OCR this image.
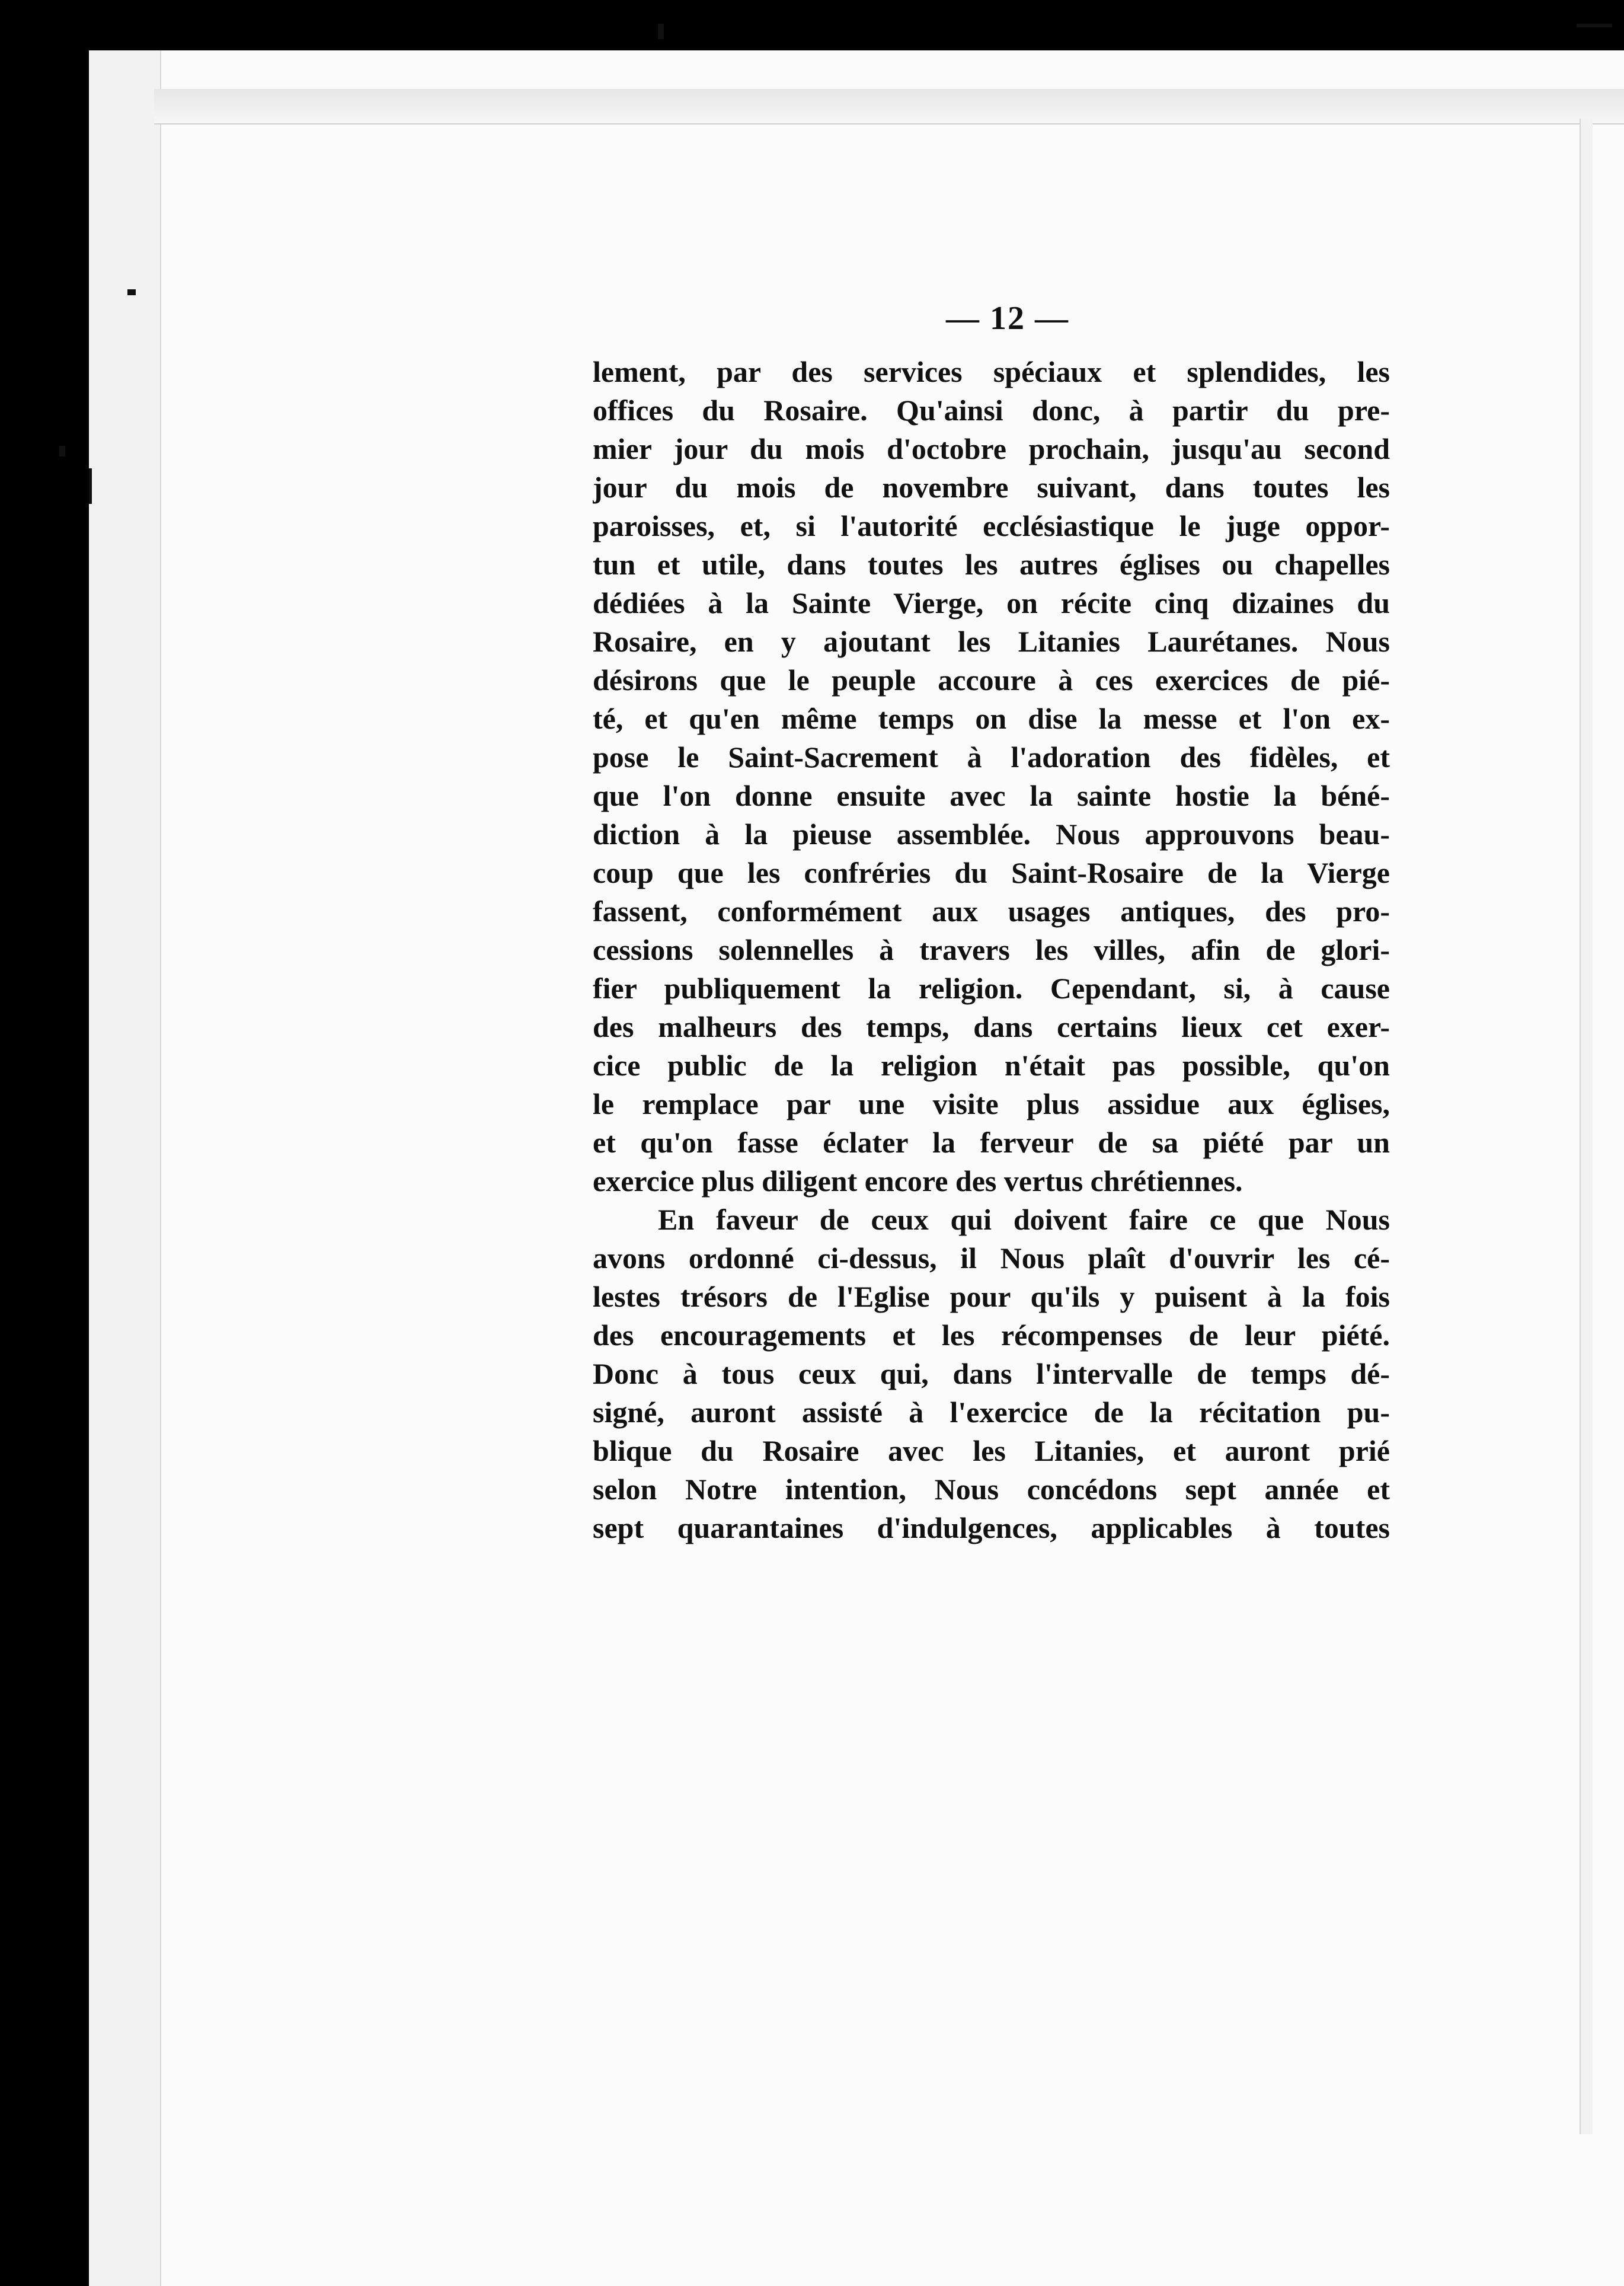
— 12 —
lement, par des services spéciaux et splendides, les
offices du Rosaire. Qu'ainsi donc, à partir du pre-
mier jour du mois d'octobre prochain, jusqu'au second
jour du mois de novembre suivant, dans toutes les
paroisses, et, si l'autorité ecclésiastique le juge oppor-
tun et utile, dans toutes les autres églises ou chapelles
dédiées à la Sainte Vierge, on récite cinq dizaines du
Rosaire, en y ajoutant les Litanies Laurétanes. Nous
désirons que le peuple accoure à ces exercices de pié-
té, et qu'en même temps on dise la messe et l'on ex-
pose le Saint-Sacrement à l'adoration des fidèles, et
que l'on donne ensuite avec la sainte hostie la béné-
diction à la pieuse assemblée. Nous approuvons beau-
coup que les confréries du Saint-Rosaire de la Vierge
fassent, conformément aux usages antiques, des pro-
cessions solennelles à travers les villes, afin de glori-
fier publiquement la religion. Cependant, si, à cause
des malheurs des temps, dans certains lieux cet exer-
cice public de la religion n'était pas possible, qu'on
le remplace par une visite plus assidue aux églises,
et qu'on fasse éclater la ferveur de sa piété par un
exercice plus diligent encore des vertus chrétiennes.
En faveur de ceux qui doivent faire ce que Nous
avons ordonné ci-dessus, il Nous plaît d'ouvrir les cé-
lestes trésors de l'Eglise pour qu'ils y puisent à la fois
des encouragements et les récompenses de leur piété.
Donc à tous ceux qui, dans l'intervalle de temps dé-
signé, auront assisté à l'exercice de la récitation pu-
blique du Rosaire avec les Litanies, et auront prié
selon Notre intention, Nous concédons sept année et
sept quarantaines d'indulgences, applicables à toutes
